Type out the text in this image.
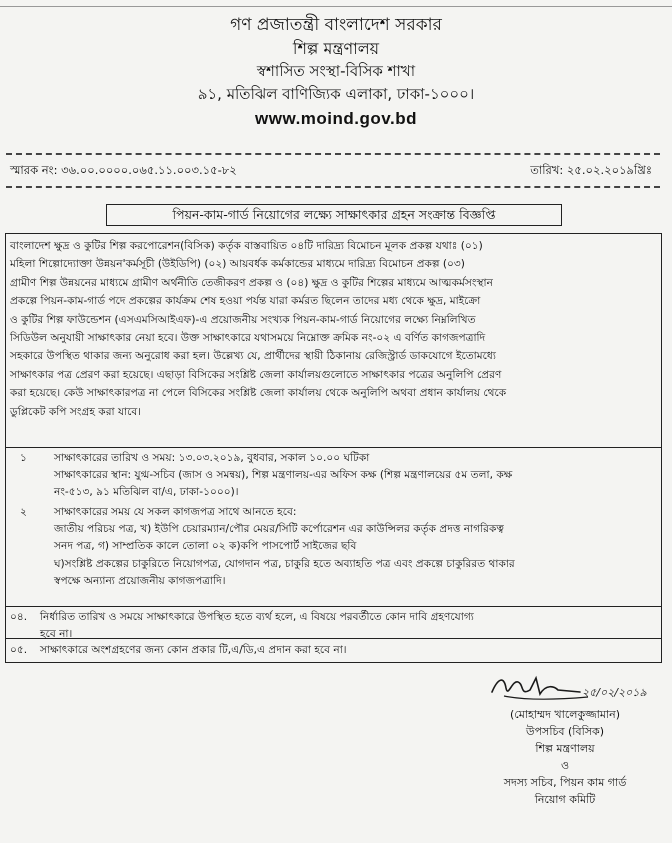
গণ প্রজাতন্ত্রী বাংলাদেশ সরকার
শিল্প মন্ত্রণালয়
স্বশাসিত সংস্থা-বিসিক শাখা
৯১, মতিঝিল বাণিজ্যিক এলাকা, ঢাকা-১০০০।
www.moind.gov.bd
স্মারক নং: ৩৬.০০.০০০০.০৬৫.১১.০০৩.১৫-৮২	তারিখ: ২৫.০২.২০১৯খ্রিঃ
পিয়ন-কাম-গার্ড নিয়োগের লক্ষ্যে সাক্ষাৎকার গ্রহন সংক্রান্ত বিজ্ঞপ্তি
বাংলাদেশ ক্ষুদ্র ও কুটির শিল্প করপোরেশন(বিসিক) কর্তৃক বাস্তবায়িত ০৪টি দারিদ্র্য বিমোচন মূলক প্রকল্প যথাঃ (০১)
মহিলা শিল্পোদ্যোক্তা উন্নয়ন'কর্মসূচী (উইডিপি) (০২) আয়বর্ধক কর্মকান্ডের মাধ্যমে দারিদ্র্য বিমোচন প্রকল্প (০৩)
গ্রামীণ শিল্প উন্নয়নের মাধ্যমে গ্রামীণ অর্থনীতি তেজীকরণ প্রকল্প ও (০৪) ক্ষুদ্র ও কুটির শিল্পের মাধ্যমে আত্মকর্মসংস্থান
প্রকল্পে পিয়ন-কাম-গার্ড পদে প্রকল্পের কার্যক্রম শেষ হওয়া পর্যন্ত যারা কর্মরত ছিলেন তাদের মধ্য থেকে ক্ষুদ্র, মাইক্রো
ও কুটির শিল্প ফাউন্ডেশন (এসএমসিআইএফ)-এ প্রয়োজনীয় সংখ্যক পিয়ন-কাম-গার্ড নিয়োগের লক্ষ্যে নিম্নলিখিত
সিডিউল অনুযায়ী সাক্ষাৎকার নেয়া হবে। উক্ত সাক্ষাৎকারে যথাসময়ে নিম্নোক্ত ক্রমিক নং-০২ এ বর্ণিত কাগজপত্রাদি
সহকারে উপস্থিত থাকার জন্য অনুরোধ করা হল। উল্লেখ্য যে, প্রার্থীদের স্থায়ী ঠিকানায় রেজিস্ট্রার্ড ডাকযোগে ইতোমধ্যে
সাক্ষাৎকার পত্র প্রেরণ করা হয়েছে। এছাড়া বিসিকের সংশ্লিষ্ট জেলা কার্যালয়গুলোতে সাক্ষাৎকার পত্রের অনুলিপি প্রেরণ
করা হয়েছে। কেউ সাক্ষাৎকারপত্র না পেলে বিসিকের সংশ্লিষ্ট জেলা কার্যালয় থেকে অনুলিপি অথবা প্রধান কার্যালয় থেকে
ডুপ্লিকেট কপি সংগ্রহ করা যাবে।
১	সাক্ষাৎকারের তারিখ ও সময়: ১৩.০৩.২০১৯, বুধবার, সকাল ১০.০০ ঘটিকা
সাক্ষাৎকারের স্থান: যুগ্ম-সচিব (জাস ও সমন্বয়), শিল্প মন্ত্রণালয়-এর অফিস কক্ষ (শিল্প মন্ত্রণালয়ের ৫ম তলা, কক্ষ
নং-৫১৩, ৯১ মতিঝিল বা/এ, ঢাকা-১০০০)।
২	সাক্ষাৎকারের সময় যে সকল কাগজপত্র সাথে আনতে হবে:
জাতীয় পরিচয় পত্র, খ) ইউপি চেয়ারম্যান/পৌর মেয়র/সিটি কর্পোরেশন এর কাউন্সিলর কর্তৃক প্রদত্ত নাগরিকত্ব
সনদ পত্র, গ) সাম্প্রতিক কালে তোলা ০২ ক)কপি পাসপোর্ট সাইজের ছবি
ঘ)সংশ্লিষ্ট প্রকল্পের চাকুরিতে নিয়োগপত্র, যোগদান পত্র, চাকুরি হতে অব্যাহতি পত্র এবং প্রকল্পে চাকুরিরত থাকার
স্বপক্ষে অন্যান্য প্রয়োজনীয় কাগজপত্রাদি।
০৪. নির্ধারিত তারিখ ও সময়ে সাক্ষাৎকারে উপস্থিত হতে ব্যর্থ হলে, এ বিষয়ে পরবর্তীতে কোন দাবি গ্রহণযোগ্য
হবে না।
০৫. সাক্ষাৎকারে অংশগ্রহণের জন্য কোন প্রকার টি,এ/ডি,এ প্রদান করা হবে না।
২৫/০২/২০১৯
(মোহাম্মদ খালেকুজ্জামান)
উপসচিব (বিসিক)
শিল্প মন্ত্রণালয়
ও
সদস্য সচিব, পিয়ন কাম গার্ড
নিয়োগ কমিটি
